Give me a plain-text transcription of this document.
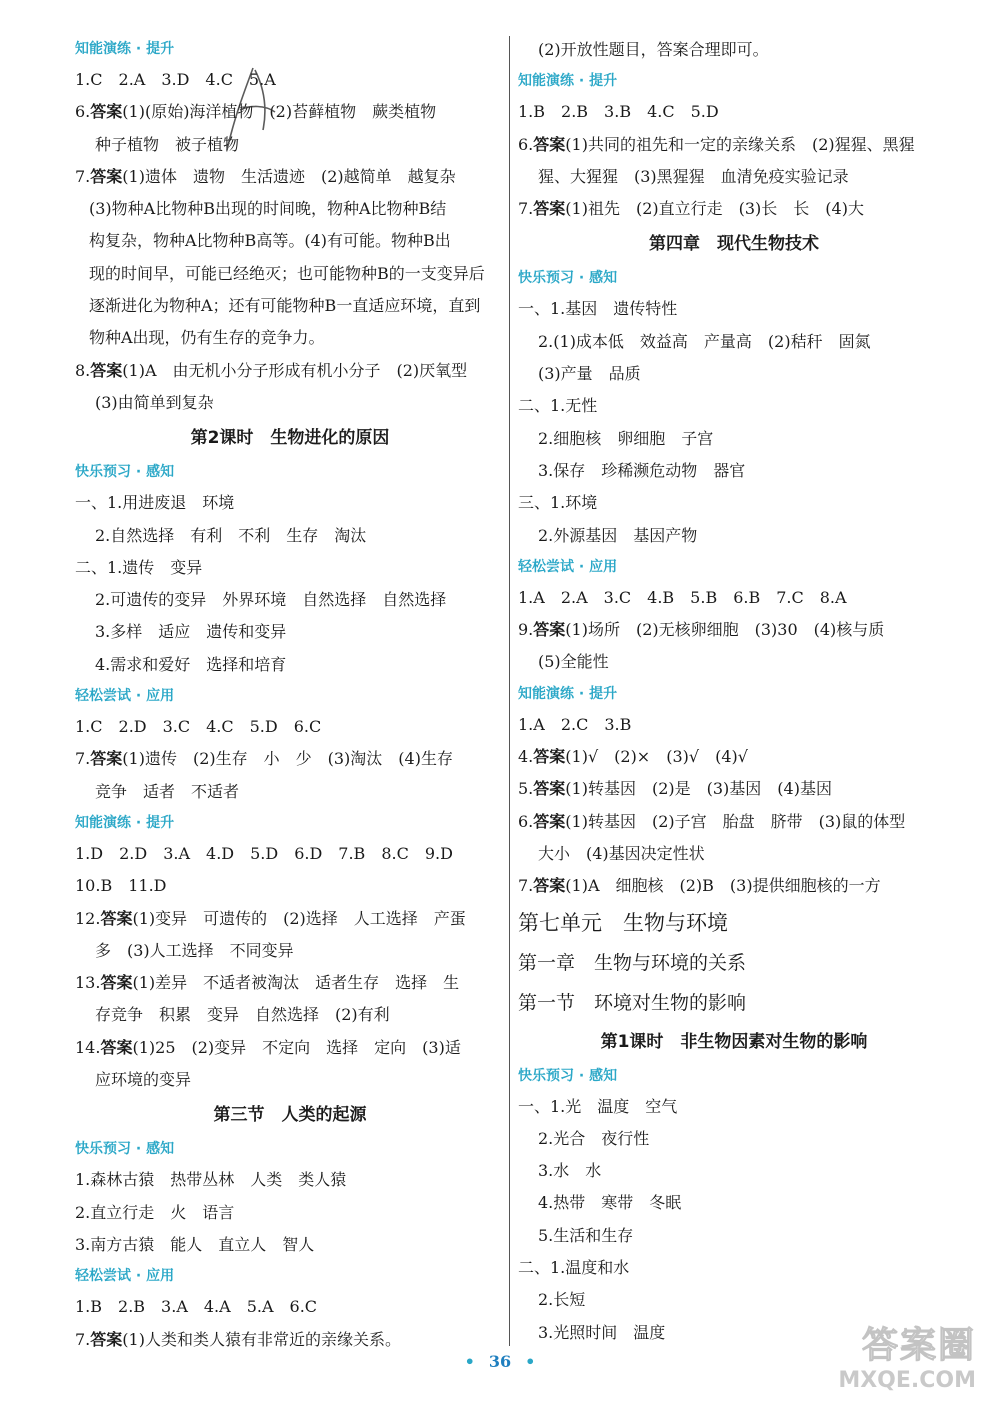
知能演练 · 提升
1.C　2.A　3.D　4.C　5.A
6.答案(1)(原始)海洋植物　(2)苔藓植物　蕨类植物
种子植物　被子植物
7.答案(1)遗体　遗物　生活遗迹　(2)越简单　越复杂
(3)物种A比物种B出现的时间晚，物种A比物种B结
构复杂，物种A比物种B高等。(4)有可能。物种B出
现的时间早，可能已经绝灭；也可能物种B的一支变异后
逐渐进化为物种A；还有可能物种B一直适应环境，直到
物种A出现，仍有生存的竞争力。
8.答案(1)A　由无机小分子形成有机小分子　(2)厌氧型
(3)由简单到复杂
第2课时　生物进化的原因
快乐预习 · 感知
一、1.用进废退　环境
2.自然选择　有利　不利　生存　淘汰
二、1.遗传　变异
2.可遗传的变异　外界环境　自然选择　自然选择
3.多样　适应　遗传和变异
4.需求和爱好　选择和培育
轻松尝试 · 应用
1.C　2.D　3.C　4.C　5.D　6.C
7.答案(1)遗传　(2)生存　小　少　(3)淘汰　(4)生存
竞争　适者　不适者
知能演练 · 提升
1.D　2.D　3.A　4.D　5.D　6.D　7.B　8.C　9.D
10.B　11.D
12.答案(1)变异　可遗传的　(2)选择　人工选择　产蛋
多　(3)人工选择　不同变异
13.答案(1)差异　不适者被淘汰　适者生存　选择　生
存竞争　积累　变异　自然选择　(2)有利
14.答案(1)25　(2)变异　不定向　选择　定向　(3)适
应环境的变异
第三节　人类的起源
快乐预习 · 感知
1.森林古猿　热带丛林　人类　类人猿
2.直立行走　火　语言
3.南方古猿　能人　直立人　智人
轻松尝试 · 应用
1.B　2.B　3.A　4.A　5.A　6.C
7.答案(1)人类和类人猿有非常近的亲缘关系。
(2)开放性题目，答案合理即可。
知能演练 · 提升
1.B　2.B　3.B　4.C　5.D
6.答案(1)共同的祖先和一定的亲缘关系　(2)猩猩、黑猩
猩、大猩猩　(3)黑猩猩　血清免疫实验记录
7.答案(1)祖先　(2)直立行走　(3)长　长　(4)大
第四章　现代生物技术
快乐预习 · 感知
一、1.基因　遗传特性
2.(1)成本低　效益高　产量高　(2)秸秆　固氮
(3)产量　品质
二、1.无性
2.细胞核　卵细胞　子宫
3.保存　珍稀濒危动物　器官
三、1.环境
2.外源基因　基因产物
轻松尝试 · 应用
1.A　2.A　3.C　4.B　5.B　6.B　7.C　8.A
9.答案(1)场所　(2)无核卵细胞　(3)30　(4)核与质
(5)全能性
知能演练 · 提升
1.A　2.C　3.B
4.答案(1)√　(2)×　(3)√　(4)√
5.答案(1)转基因　(2)是　(3)基因　(4)基因
6.答案(1)转基因　(2)子宫　胎盘　脐带　(3)鼠的体型
大小　(4)基因决定性状
7.答案(1)A　细胞核　(2)B　(3)提供细胞核的一方
第七单元　生物与环境
第一章　生物与环境的关系
第一节　环境对生物的影响
第1课时　非生物因素对生物的影响
快乐预习 · 感知
一、1.光　温度　空气
2.光合　夜行性
3.水　水
4.热带　寒带　冬眠
5.生活和生存
二、1.温度和水
2.长短
3.光照时间　温度
• 36 •	答案圈
MXQE.COM
